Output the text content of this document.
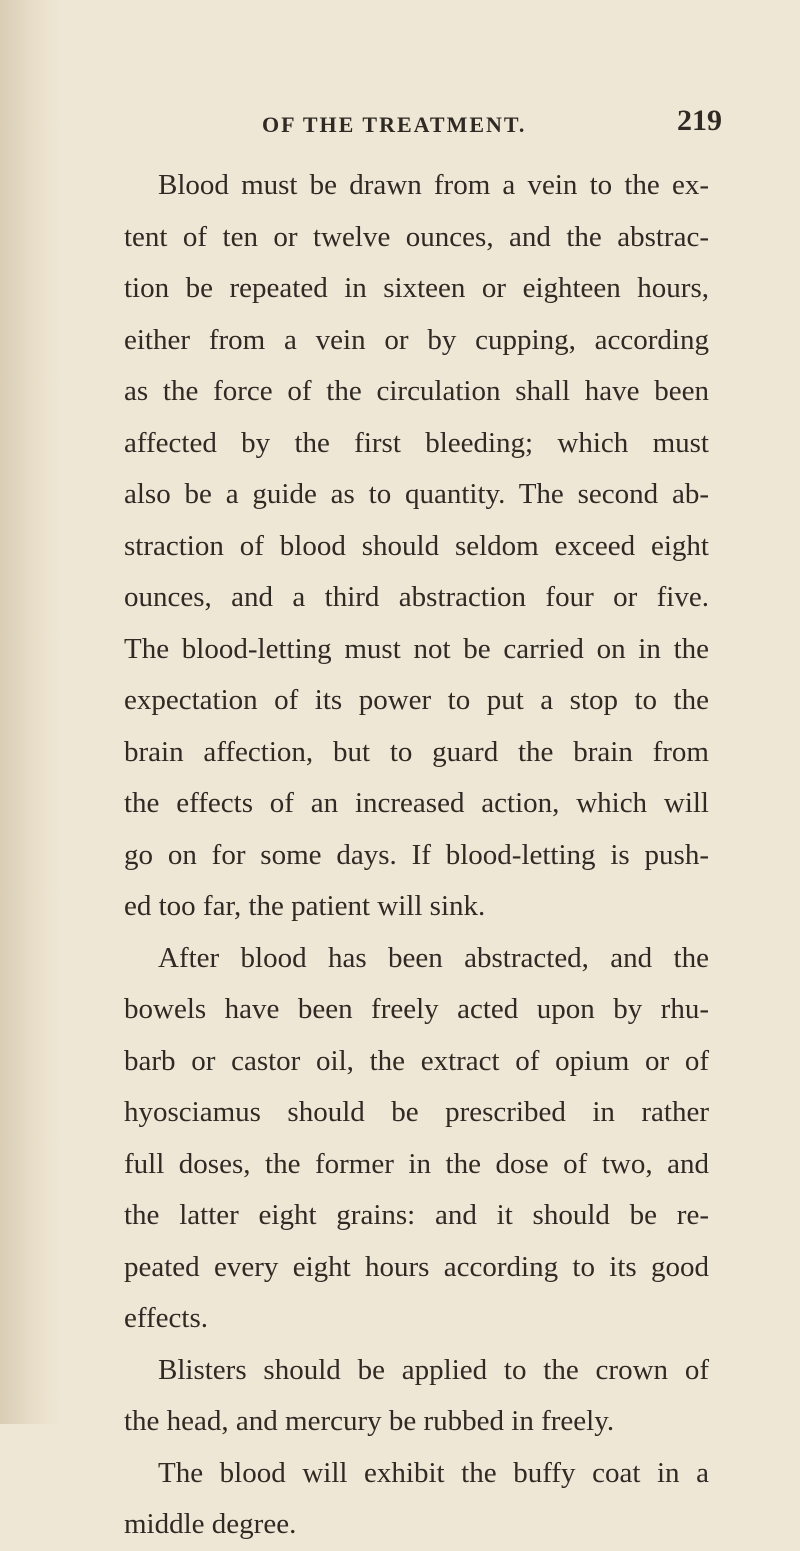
OF THE TREATMENT.	219
Blood must be drawn from a vein to the ex-
tent of ten or twelve ounces, and the abstrac-
tion be repeated in sixteen or eighteen hours,
either from a vein or by cupping, according
as the force of the circulation shall have been
affected by the first bleeding; which must
also be a guide as to quantity. The second ab-
straction of blood should seldom exceed eight
ounces, and a third abstraction four or five.
The blood-letting must not be carried on in the
expectation of its power to put a stop to the
brain affection, but to guard the brain from
the effects of an increased action, which will
go on for some days. If blood-letting is push-
ed too far, the patient will sink.
After blood has been abstracted, and the
bowels have been freely acted upon by rhu-
barb or castor oil, the extract of opium or of
hyosciamus should be prescribed in rather
full doses, the former in the dose of two, and
the latter eight grains: and it should be re-
peated every eight hours according to its good
effects.
Blisters should be applied to the crown of
the head, and mercury be rubbed in freely.
The blood will exhibit the buffy coat in a
middle degree.
